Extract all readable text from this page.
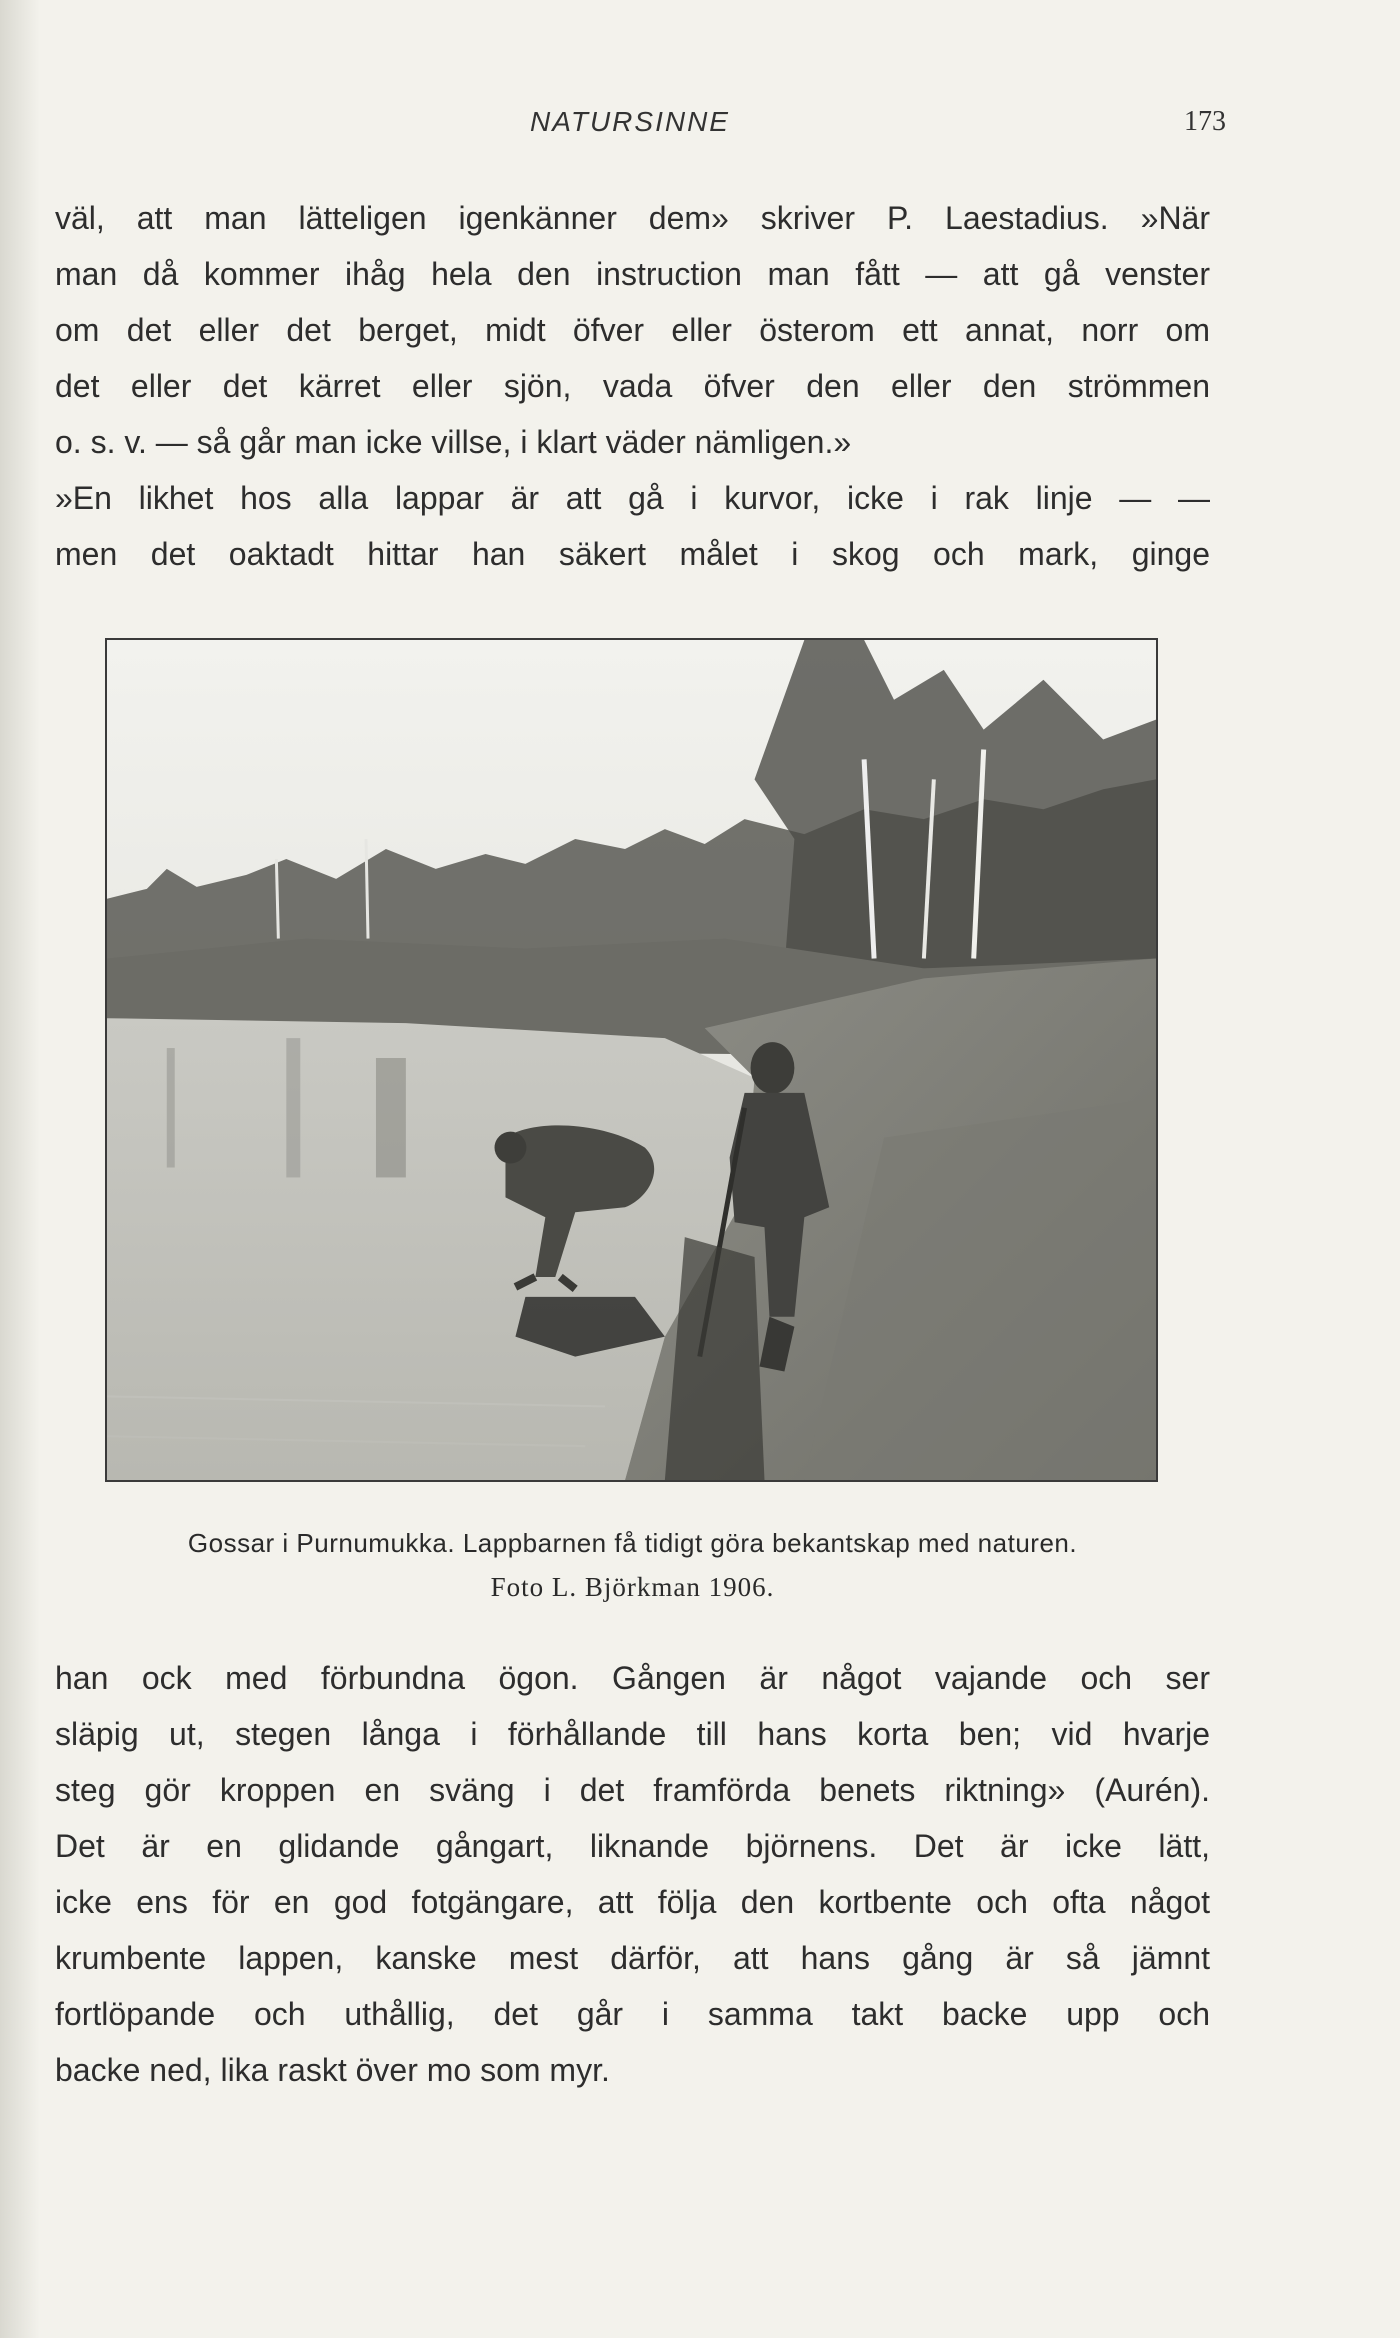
NATURSINNE	173
väl, att man lätteligen igenkänner dem» skriver P. Laestadius. »När
man då kommer ihåg hela den instruction man fått — att gå venster
om det eller det berget, midt öfver eller österom ett annat, norr om
det eller det kärret eller sjön, vada öfver den eller den strömmen
o. s. v. — så går man icke villse, i klart väder nämligen.»
»En likhet hos alla lappar är att gå i kurvor, icke i rak linje — —
men det oaktadt hittar han säkert målet i skog och mark, ginge
Gossar i Purnumukka. Lappbarnen få tidigt göra bekantskap med naturen.
Foto L. Björkman 1906.
han ock med förbundna ögon. Gången är något vajande och ser
släpig ut, stegen långa i förhållande till hans korta ben; vid hvarje
steg gör kroppen en sväng i det framförda benets riktning» (Aurén).
Det är en glidande gångart, liknande björnens. Det är icke lätt,
icke ens för en god fotgängare, att följa den kortbente och ofta något
krumbente lappen, kanske mest därför, att hans gång är så jämnt
fortlöpande och uthållig, det går i samma takt backe upp och
backe ned, lika raskt över mo som myr.
